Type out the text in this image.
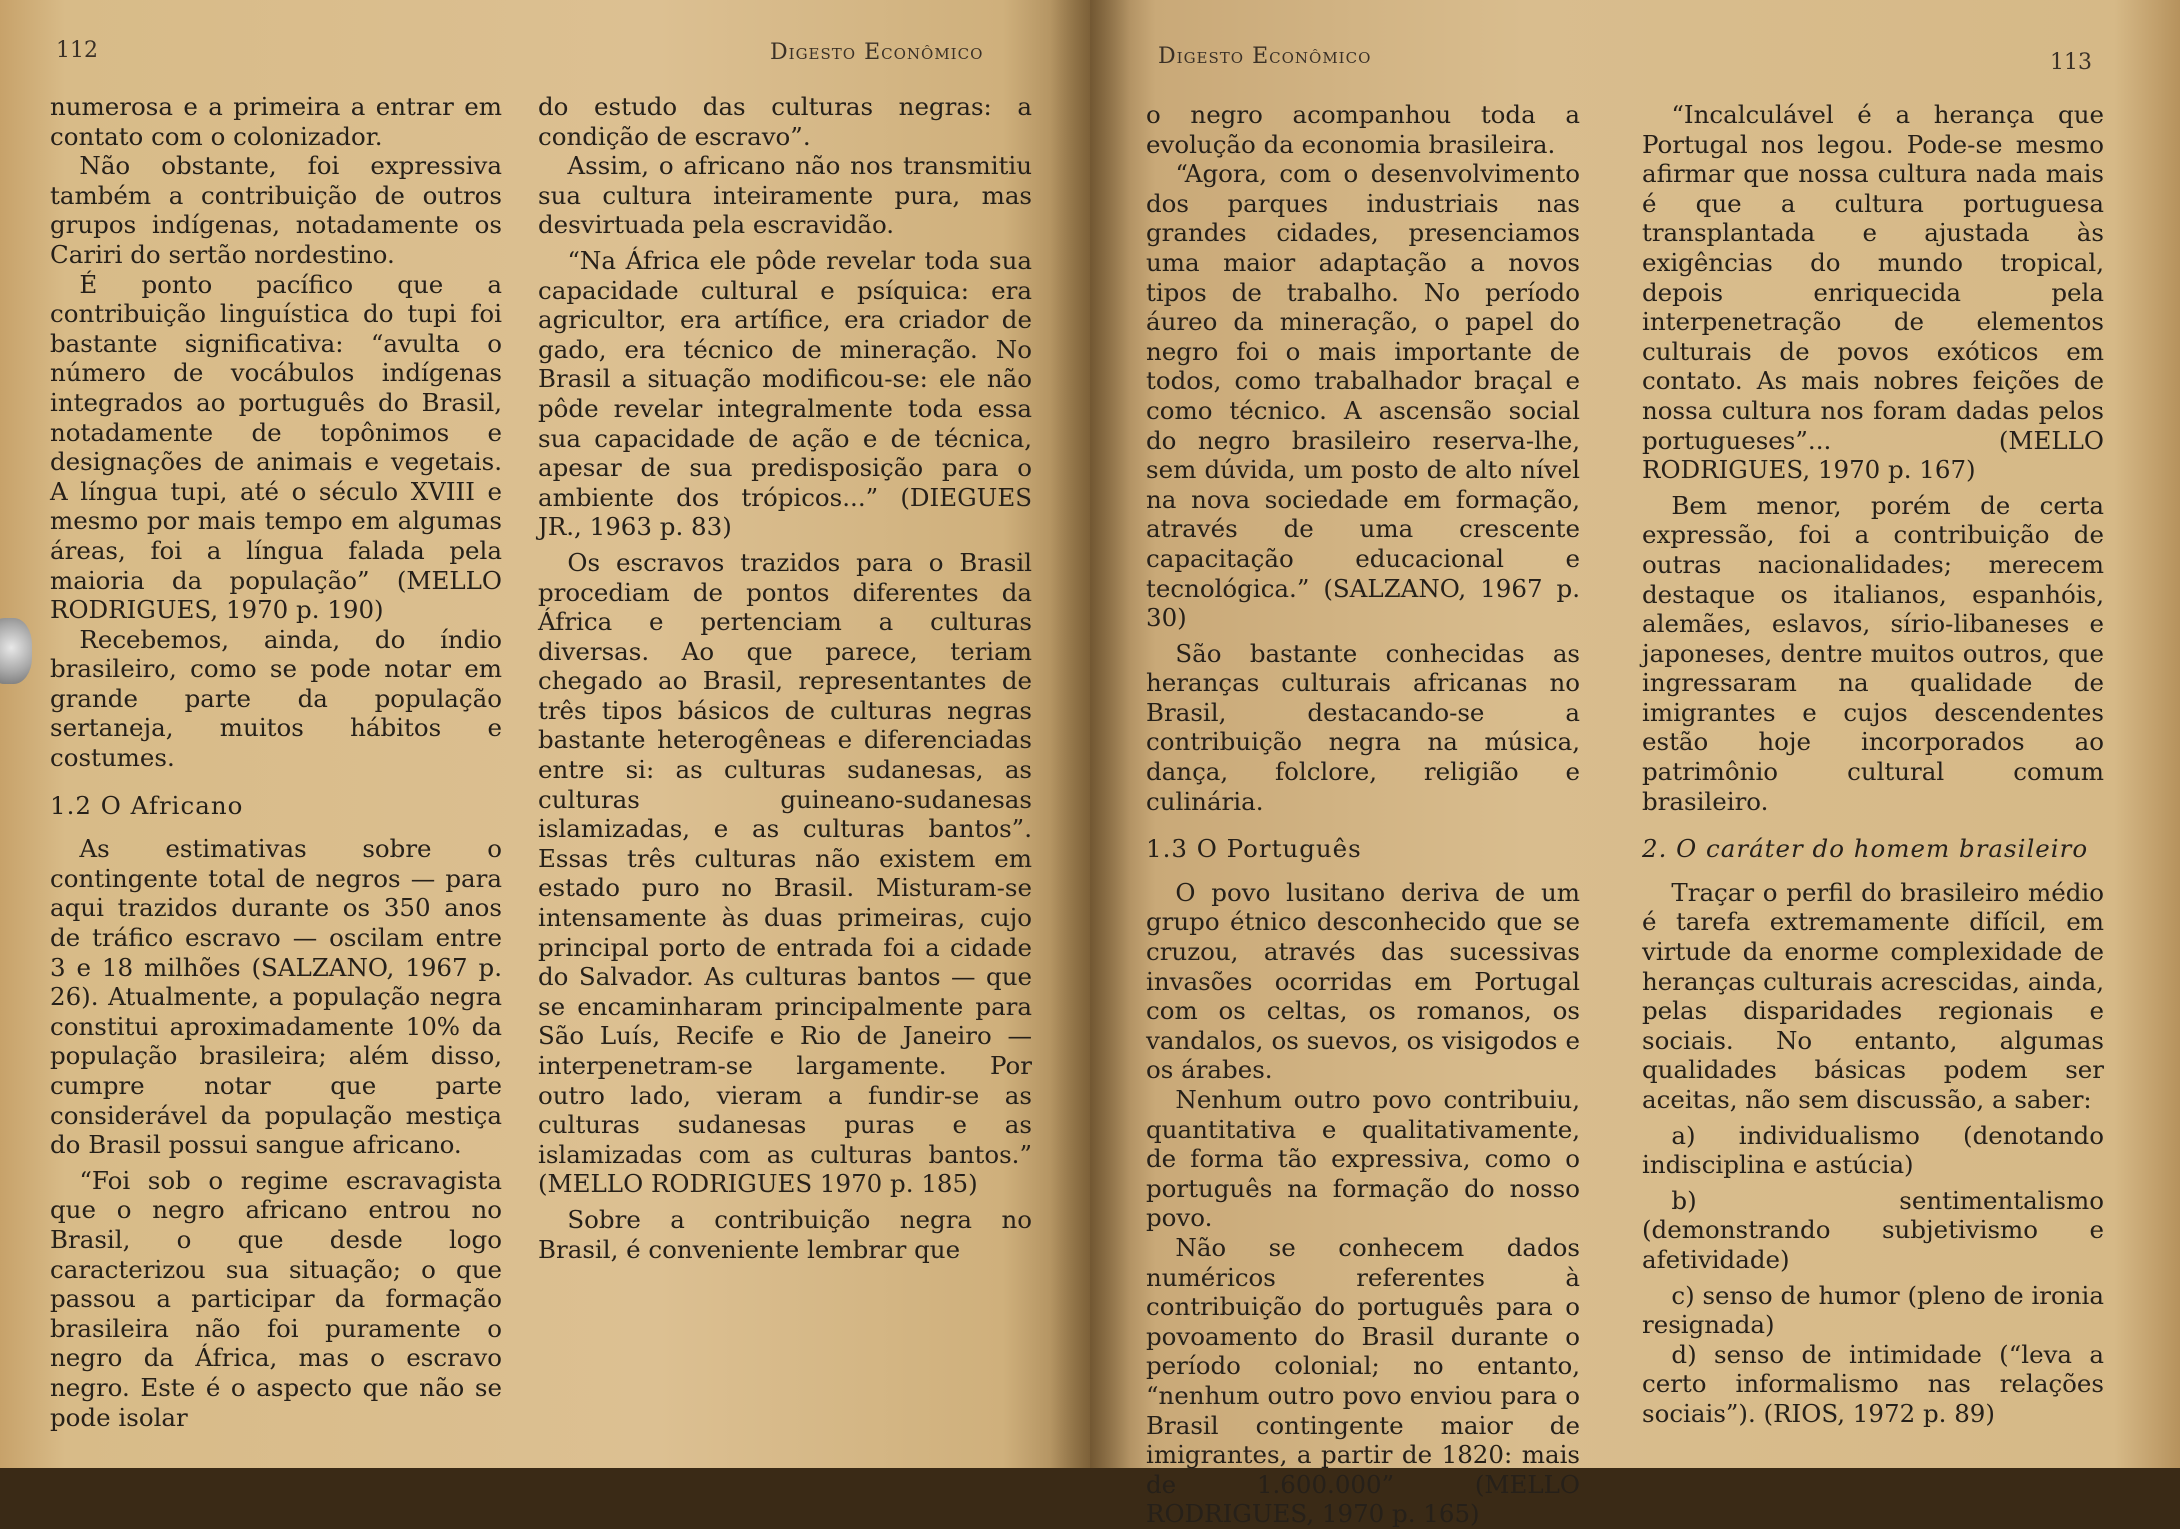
112	Digesto Econômico

numerosa e a primeira a entrar em contato com o colonizador.

Não obstante, foi expressiva também a contribuição de outros grupos indígenas, notadamente os Cariri do sertão nordestino.

É ponto pacífico que a contribuição linguística do tupi foi bastante significativa: “avulta o número de vocábulos indígenas integrados ao português do Brasil, notadamente de topônimos e designações de animais e vegetais. A língua tupi, até o século XVIII e mesmo por mais tempo em algumas áreas, foi a língua falada pela maioria da população” (MELLO RODRIGUES, 1970 p. 190)

Recebemos, ainda, do índio brasileiro, como se pode notar em grande parte da população sertaneja, muitos hábitos e costumes.

1.2 O Africano

As estimativas sobre o contingente total de negros — para aqui trazidos durante os 350 anos de tráfico escravo — oscilam entre 3 e 18 milhões (SALZANO, 1967 p. 26). Atualmente, a população negra constitui aproximadamente 10% da população brasileira; além disso, cumpre notar que parte considerável da população mestiça do Brasil possui sangue africano.

“Foi sob o regime escravagista que o negro africano entrou no Brasil, o que desde logo caracterizou sua situação; o que passou a participar da formação brasileira não foi puramente o negro da África, mas o escravo negro. Este é o aspecto que não se pode isolar

do estudo das culturas negras: a condição de escravo”.

Assim, o africano não nos transmitiu sua cultura inteiramente pura, mas desvirtuada pela escravidão.

“Na África ele pôde revelar toda sua capacidade cultural e psíquica: era agricultor, era artífice, era criador de gado, era técnico de mineração. No Brasil a situação modificou-se: ele não pôde revelar integralmente toda essa sua capacidade de ação e de técnica, apesar de sua predisposição para o ambiente dos trópicos...” (DIEGUES JR., 1963 p. 83)

Os escravos trazidos para o Brasil procediam de pontos diferentes da África e pertenciam a culturas diversas. Ao que parece, teriam chegado ao Brasil, representantes de três tipos básicos de culturas negras bastante heterogêneas e diferenciadas entre si: as culturas sudanesas, as culturas guineano-sudanesas islamizadas, e as culturas bantos”. Essas três culturas não existem em estado puro no Brasil. Misturam-se intensamente às duas primeiras, cujo principal porto de entrada foi a cidade do Salvador. As culturas bantos — que se encaminharam principalmente para São Luís, Recife e Rio de Janeiro — interpenetram-se largamente. Por outro lado, vieram a fundir-se as culturas sudanesas puras e as islamizadas com as culturas bantos.” (MELLO RODRIGUES 1970 p. 185)

Sobre a contribuição negra no Brasil, é conveniente lembrar que

Digesto Econômico	113

o negro acompanhou toda a evolução da economia brasileira.

“Agora, com o desenvolvimento dos parques industriais nas grandes cidades, presenciamos uma maior adaptação a novos tipos de trabalho. No período áureo da mineração, o papel do negro foi o mais importante de todos, como trabalhador braçal e como técnico. A ascensão social do negro brasileiro reserva-lhe, sem dúvida, um posto de alto nível na nova sociedade em formação, através de uma crescente capacitação educacional e tecnológica.” (SALZANO, 1967 p. 30)

São bastante conhecidas as heranças culturais africanas no Brasil, destacando-se a contribuição negra na música, dança, folclore, religião e culinária.

1.3 O Português

O povo lusitano deriva de um grupo étnico desconhecido que se cruzou, através das sucessivas invasões ocorridas em Portugal com os celtas, os romanos, os vandalos, os suevos, os visigodos e os árabes.

Nenhum outro povo contribuiu, quantitativa e qualitativamente, de forma tão expressiva, como o português na formação do nosso povo.

Não se conhecem dados numéricos referentes à contribuição do português para o povoamento do Brasil durante o período colonial; no entanto, “nenhum outro povo enviou para o Brasil contingente maior de imigrantes, a partir de 1820: mais de 1.600.000” (MELLO RODRIGUES, 1970 p. 165)

“Incalculável é a herança que Portugal nos legou. Pode-se mesmo afirmar que nossa cultura nada mais é que a cultura portuguesa transplantada e ajustada às exigências do mundo tropical, depois enriquecida pela interpenetração de elementos culturais de povos exóticos em contato. As mais nobres feições de nossa cultura nos foram dadas pelos portugueses”... (MELLO RODRIGUES, 1970 p. 167)

Bem menor, porém de certa expressão, foi a contribuição de outras nacionalidades; merecem destaque os italianos, espanhóis, alemães, eslavos, sírio-libaneses e japoneses, dentre muitos outros, que ingressaram na qualidade de imigrantes e cujos descendentes estão hoje incorporados ao patrimônio cultural comum brasileiro.

2. O caráter do homem brasileiro

Traçar o perfil do brasileiro médio é tarefa extremamente difícil, em virtude da enorme complexidade de heranças culturais acrescidas, ainda, pelas disparidades regionais e sociais. No entanto, algumas qualidades básicas podem ser aceitas, não sem discussão, a saber:

a) individualismo (denotando indisciplina e astúcia)

b) sentimentalismo (demonstrando subjetivismo e afetividade)

c) senso de humor (pleno de ironia resignada)

d) senso de intimidade (“leva a certo informalismo nas relações sociais”). (RIOS, 1972 p. 89)
